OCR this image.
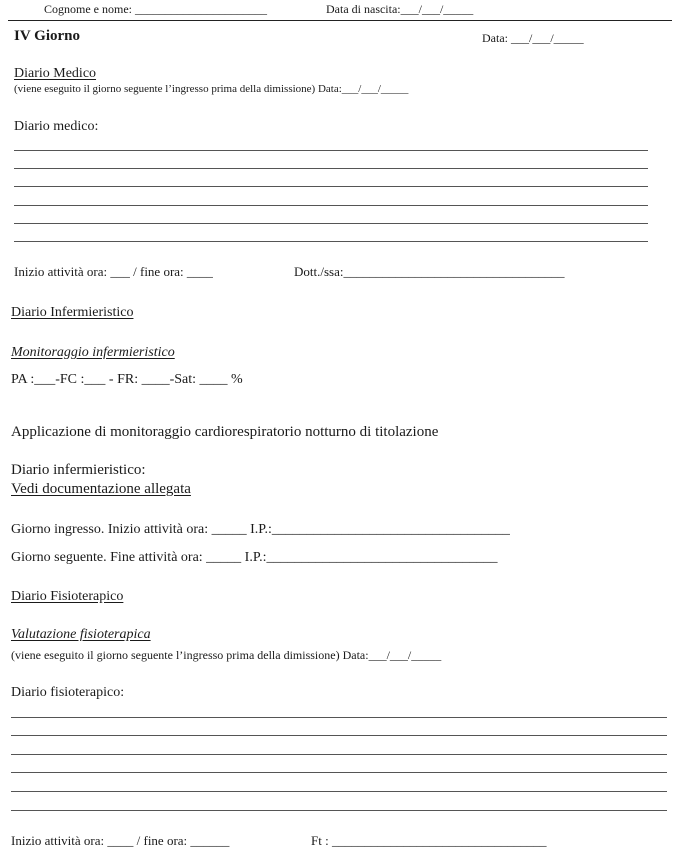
Cognome e nome: ______________________	Data di nascita:___/___/_____
IV Giorno	Data: ___/___/_____
Diario Medico
(viene eseguito il giorno seguente l’ingresso prima della dimissione) Data:___/___/_____
Diario medico:
Inizio attività ora: ___ / fine ora: ____	Dott./ssa:__________________________________
Diario Infermieristico
Monitoraggio infermieristico
PA :___-FC :___ - FR: ____-Sat: ____ %
Applicazione di monitoraggio cardiorespiratorio notturno di titolazione
Diario infermieristico:
Vedi documentazione allegata
Giorno ingresso. Inizio attività ora: _____ I.P.:__________________________________
Giorno seguente. Fine attività ora: _____ I.P.:_________________________________
Diario Fisioterapico
Valutazione fisioterapica
(viene eseguito il giorno seguente l’ingresso prima della dimissione) Data:___/___/_____
Diario fisioterapico:
Inizio attività ora: ____ / fine ora: ______	Ft : _________________________________
